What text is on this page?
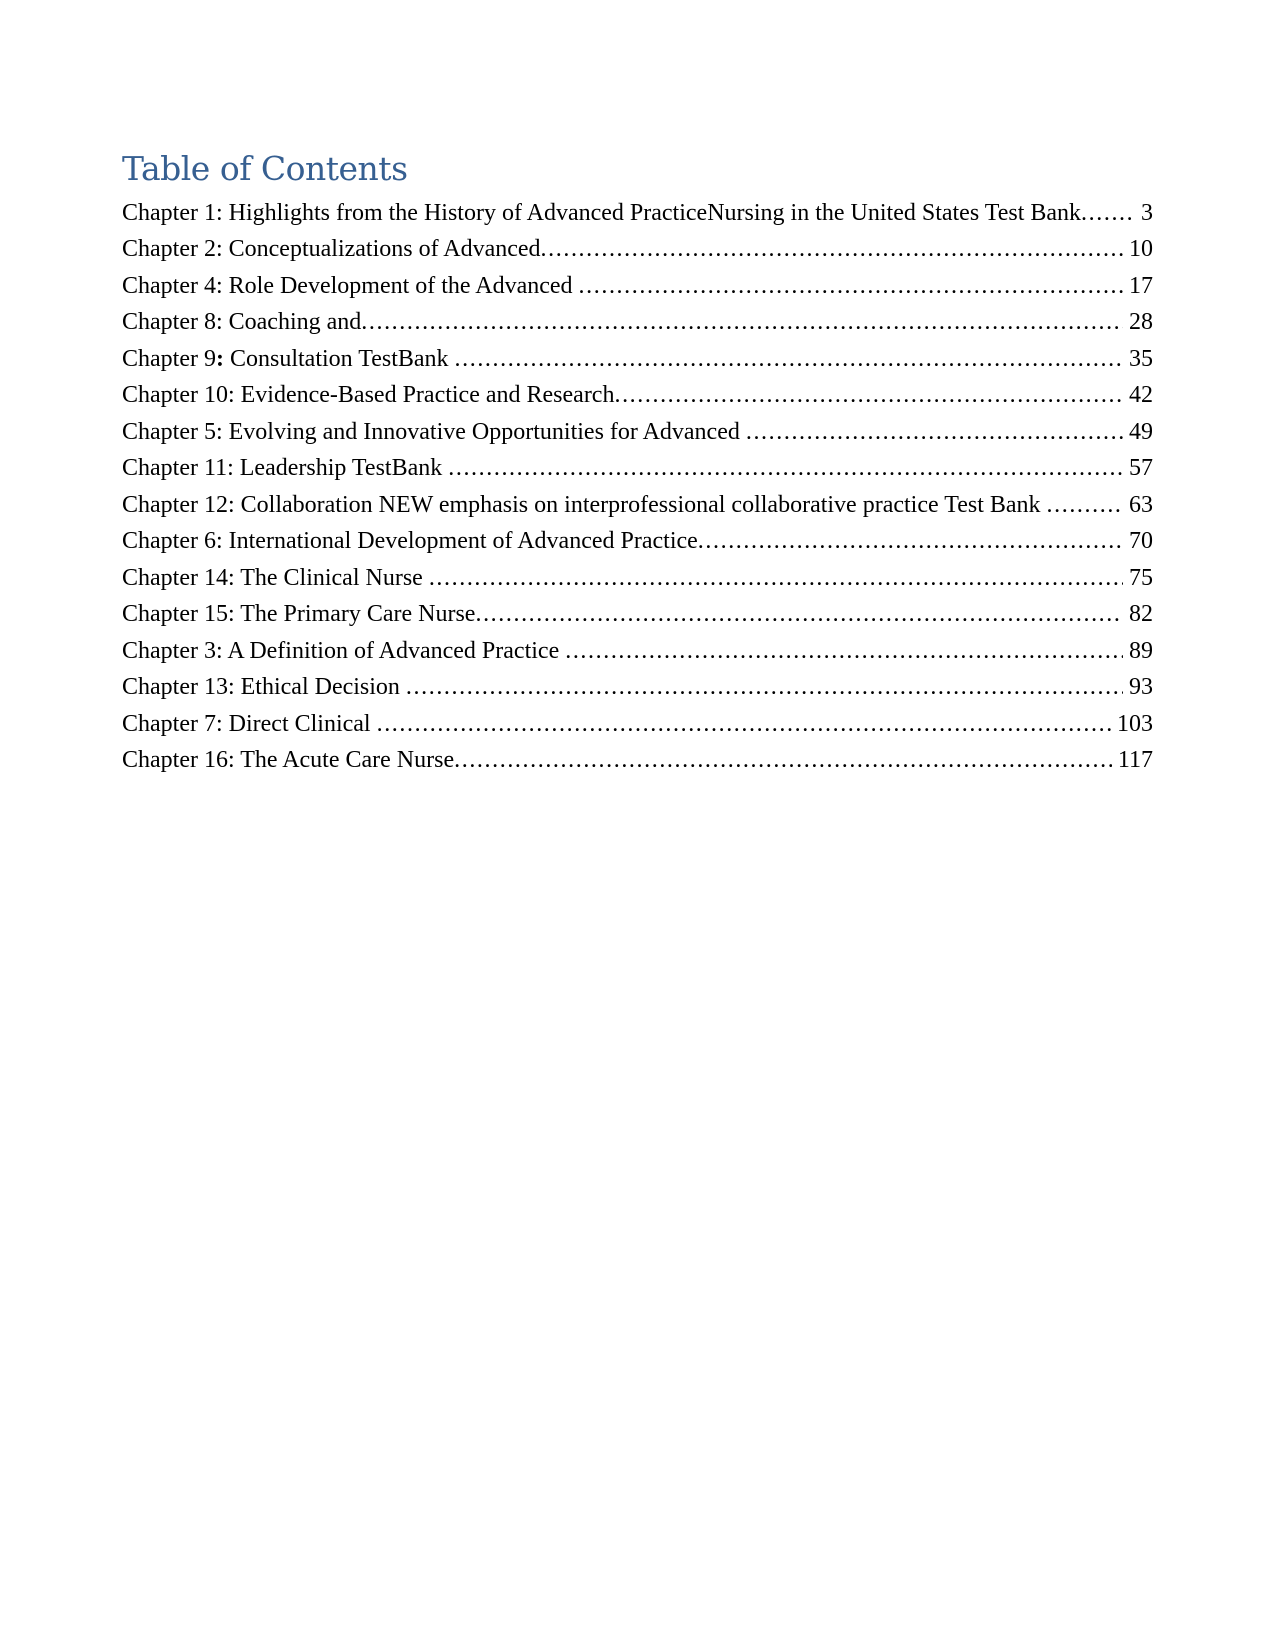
Table of Contents
Chapter 1: Highlights from the History of Advanced PracticeNursing in the United States Test Bank ..... 3
Chapter 2: Conceptualizations of Advanced .....	10
Chapter 4: Role Development of the Advanced .....	17
Chapter 8: Coaching and .....	28
Chapter 9: Consultation TestBank .....	35
Chapter 10: Evidence-Based Practice and Research .....	42
Chapter 5: Evolving and Innovative Opportunities for Advanced .....	49
Chapter 11: Leadership TestBank .....	57
Chapter 12: Collaboration NEW emphasis on interprofessional collaborative practice Test Bank .....	63
Chapter 6: International Development of Advanced Practice .....	70
Chapter 14: The Clinical Nurse .....	75
Chapter 15: The Primary Care Nurse .....	82
Chapter 3: A Definition of Advanced Practice .....	89
Chapter 13: Ethical Decision .....	93
Chapter 7: Direct Clinical .....	103
Chapter 16: The Acute Care Nurse .....	117
